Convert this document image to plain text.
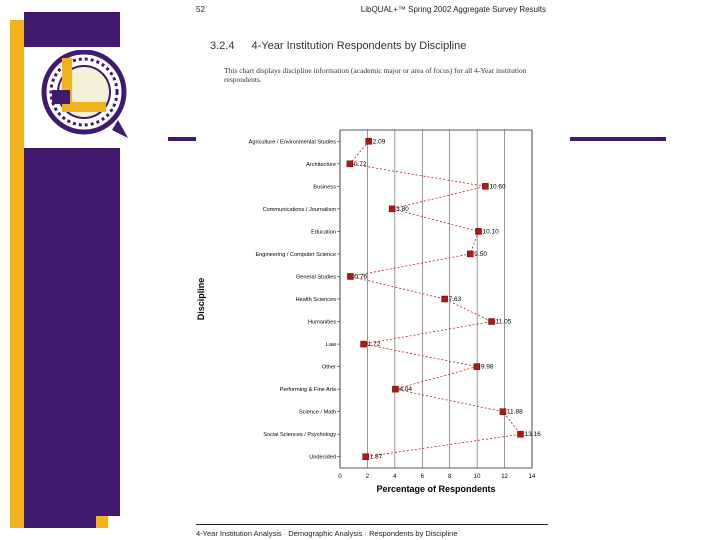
52	LibQUAL+™ Spring 2002 Aggregate Survey Results
3.2.4 4-Year Institution Respondents by Discipline
This chart displays discipline information (academic major or area of focus) for all 4-Year institution respondents.
0	2	4	6	8	10	12	14
Agriculture / Environmental Studies
Architecture
Business
Communications / Journalism
Education
Engineering / Computer Science
General Studies
Health Sciences
Humanities
Law
Other
Performing & Fine Arts
Science / Math
Social Sciences / Psychology
Undecided
2.09
0.72
10.60
3.80
10.10
9.50
0.76
7.63
11.05
1.72
9.98
4.04
11.88
13.16
1.87
Percentage of Respondents
Discipline
4-Year Institution Analysis · Demographic Analysis · Respondents by Discipline
